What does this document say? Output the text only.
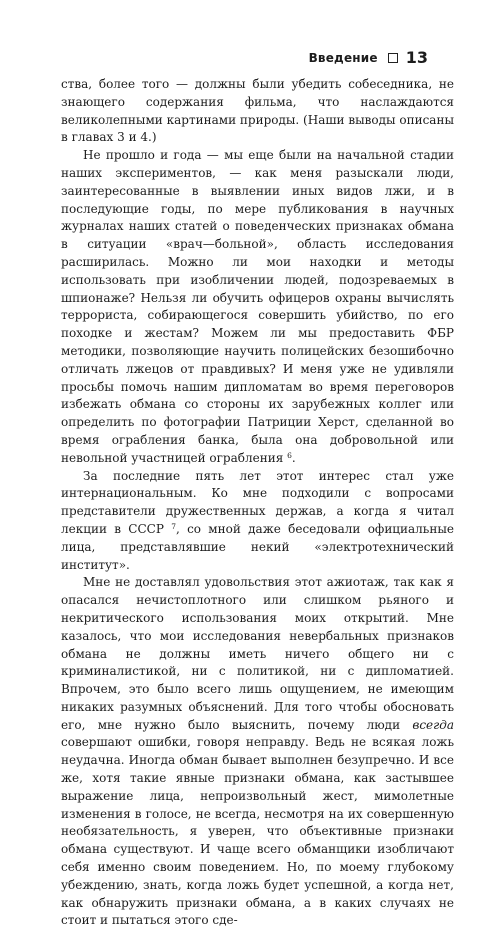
Введение 13

ства, более того — должны были убедить собеседника, не знающего содержания фильма, что наслаждаются великолепными картинами природы. (Наши выводы описаны в главах 3 и 4.)

Не прошло и года — мы еще были на начальной стадии наших экспериментов, — как меня разыскали люди, заинтересованные в выявлении иных видов лжи, и в последующие годы, по мере публикования в научных журналах наших статей о поведенческих признаках обмана в ситуации «врач—больной», область исследования расширилась. Можно ли мои находки и методы использовать при изобличении людей, подозреваемых в шпионаже? Нельзя ли обучить офицеров охраны вычислять террориста, собирающегося совершить убийство, по его походке и жестам? Можем ли мы предоставить ФБР методики, позволяющие научить полицейских безошибочно отличать лжецов от правдивых? И меня уже не удивляли просьбы помочь нашим дипломатам во время переговоров избежать обмана со стороны их зарубежных коллег или определить по фотографии Патриции Херст, сделанной во время ограбления банка, была она добровольной или невольной участницей ограбления $^6$.

За последние пять лет этот интерес стал уже интернациональным. Ко мне подходили с вопросами представители дружественных держав, а когда я читал лекции в СССР $^7$, со мной даже беседовали официальные лица, представлявшие некий «электротехнический институт».

Мне не доставлял удовольствия этот ажиотаж, так как я опасался нечистоплотного или слишком рьяного и некритического использования моих открытий. Мне казалось, что мои исследования невербальных признаков обмана не должны иметь ничего общего ни с криминалистикой, ни с политикой, ни с дипломатией. Впрочем, это было всего лишь ощущением, не имеющим никаких разумных объяснений. Для того чтобы обосновать его, мне нужно было выяснить, почему люди всегда совершают ошибки, говоря неправду. Ведь не всякая ложь неудачна. Иногда обман бывает выполнен безупречно. И все же, хотя такие явные признаки обмана, как застывшее выражение лица, непроизвольный жест, мимолетные изменения в голосе, не всегда, несмотря на их совершенную необязательность, я уверен, что объективные признаки обмана существуют. И чаще всего обманщики изобличают себя именно своим поведением. Но, по моему глубокому убеждению, знать, когда ложь будет успешной, а когда нет, как обнаружить признаки обмана, а в каких случаях не стоит и пытаться этого сде-
